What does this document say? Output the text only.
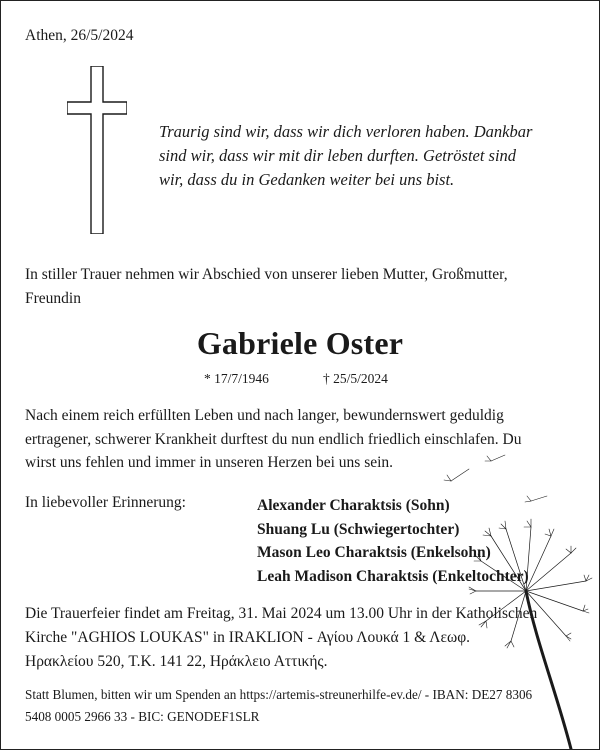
Athen, 26/5/2024
Traurig sind wir, dass wir dich verloren haben. Dankbar
sind wir, dass wir mit dir leben durften. Getröstet sind
wir, dass du in Gedanken weiter bei uns bist.
In stiller Trauer nehmen wir Abschied von unserer lieben Mutter, Großmutter,
Freundin
Gabriele Oster
* 17/7/1946	† 25/5/2024
Nach einem reich erfüllten Leben und nach langer, bewundernswert geduldig
ertragener, schwerer Krankheit durftest du nun endlich friedlich einschlafen. Du
wirst uns fehlen und immer in unseren Herzen bei uns sein.
In liebevoller Erinnerung:	Alexander Charaktsis (Sohn)
Shuang Lu (Schwiegertochter)
Mason Leo Charaktsis (Enkelsohn)
Leah Madison Charaktsis (Enkeltochter)
Die Trauerfeier findet am Freitag, 31. Mai 2024 um 13.00 Uhr in der Katholischen
Kirche "AGHIOS LOUKAS" in IRAKLION - Αγίου Λουκά 1 & Λεωφ.
Ηρακλείου 520, T.K. 141 22, Ηράκλειο Αττικής.
Statt Blumen, bitten wir um Spenden an https://artemis-streunerhilfe-ev.de/ - IBAN: DE27 8306
5408 0005 2966 33 - BIC: GENODEF1SLR
